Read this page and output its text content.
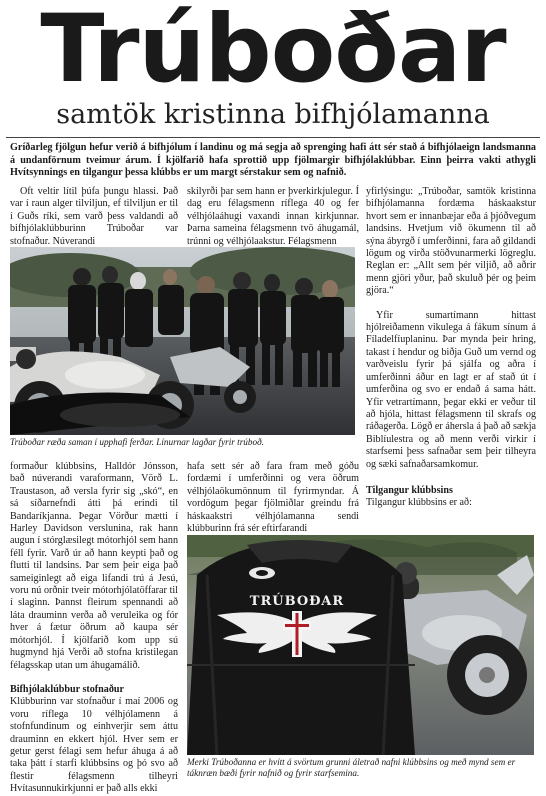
Trúboðar
samtök kristinna bifhjólamanna
Gríðarleg fjölgun hefur verið á bifhjólum í landinu og má segja að sprenging hafi átt sér stað á bifhjólaeign landsmanna á undanförnum tveimur árum. Í kjölfarið hafa sprottið upp fjölmargir bifhjólaklúbbar. Einn þeirra vakti athygli Hvítsynnings en tilgangur þessa klúbbs er um margt sérstakur sem og nafnið.

Oft veltir lítil þúfa þungu hlassi. Það var í raun alger tilviljun, ef tilviljun er til í Guðs ríki, sem varð þess valdandi að bifhjólaklúbburinn Trúboðar var stofnaður. Núverandi

skilyrði þar sem hann er þverkirkjulegur. Í dag eru félagsmenn ríflega 40 og fer vélhjólaáhugi vaxandi innan kirkjunnar. Þarna sameina félagsmenn tvö áhugamál, trúnni og vélhjólaakstur. Félagsmenn

yfirlýsingu: „Trúboðar, samtök kristinna bifhjólamanna fordæma háskaakstur hvort sem er innanbæjar eða á þjóðvegum landsins. Hvetjum við ökumenn til að sýna ábyrgð í umferðinni, fara að gildandi lögum og virða stöðvunarmerki lögreglu. Reglan er: „Allt sem þér viljið, að aðrir menn gjöri yður, það skuluð þér og þeim gjöra.“

Yfir sumartímann hittast hjólreiðamenn vikulega á fákum sínum á Fíladelfíuplaninu. Þar mynda þeir hring, takast í hendur og biðja Guð um vernd og varðveislu fyrir þá sjálfa og aðra í umferðinni áður en lagt er af stað út í umferðina og svo er endað á sama hátt. Yfir vetrartímann, þegar ekki er veður til að hjóla, hittast félagsmenn til skrafs og ráðagerða. Lögð er áhersla á það að sækja Biblíulestra og að menn verði virkir í starfsemi þess safnaðar sem þeir tilheyra og sæki safnaðarsamkomur.

Tilgangur klúbbsins

Tilgangur klúbbsins er að:

Trúboðar ræða saman í upphafi ferðar. Línurnar lagðar fyrir trúboð.

formaður klúbbsins, Halldór Jónsson, bað núverandi varaformann, Vörð L. Traustason, að versla fyrir sig „skó“, en sá síðarnefndi átti þá erindi til Bandaríkjanna. Þegar Vörður mætti í Harley Davidson verslunina, rak hann augun í stórglæsilegt mótorhjól sem hann féll fyrir. Varð úr að hann keypti það og flutti til landsins. Þar sem þeir eiga það sameiginlegt að eiga lifandi trú á Jesú, voru nú orðnir tveir mótorhjólatöffarar til í slaginn. Þannst fleirum spennandi að láta drauminn verða að veruleika og fór hver á fætur öðrum að kaupa sér mótorhjól. Í kjölfarið kom upp sú hugmynd hjá Verði að stofna kristilegan félagsskap utan um áhugamálið.

Bifhjólaklúbbur stofnaður

Klúbburinn var stofnaður í maí 2006 og voru ríflega 10 vélhjólamenn á stofnfundinum og einhverjir sem áttu drauminn en ekkert hjól. Hver sem er getur gerst félagi sem hefur áhuga á að taka þátt í starfi klúbbsins og þó svo að flestir félagsmenn tilheyri Hvítasunnukirkjunni er það alls ekki

hafa sett sér að fara fram með góðu fordæmi í umferðinni og vera öðrum vélhjólaökumönnum til fyrirmyndar. Á vordögum þegar fjölmiðlar greindu frá háskaakstri vélhjólamanna sendi klúbburinn frá sér eftirfarandi

TRÚBOÐAR
Merki Trúboðanna er hvítt á svörtum grunni áletrað nafni klúbbsins og með mynd sem er táknræn bæði fyrir nafnið og fyrir starfsemina.
